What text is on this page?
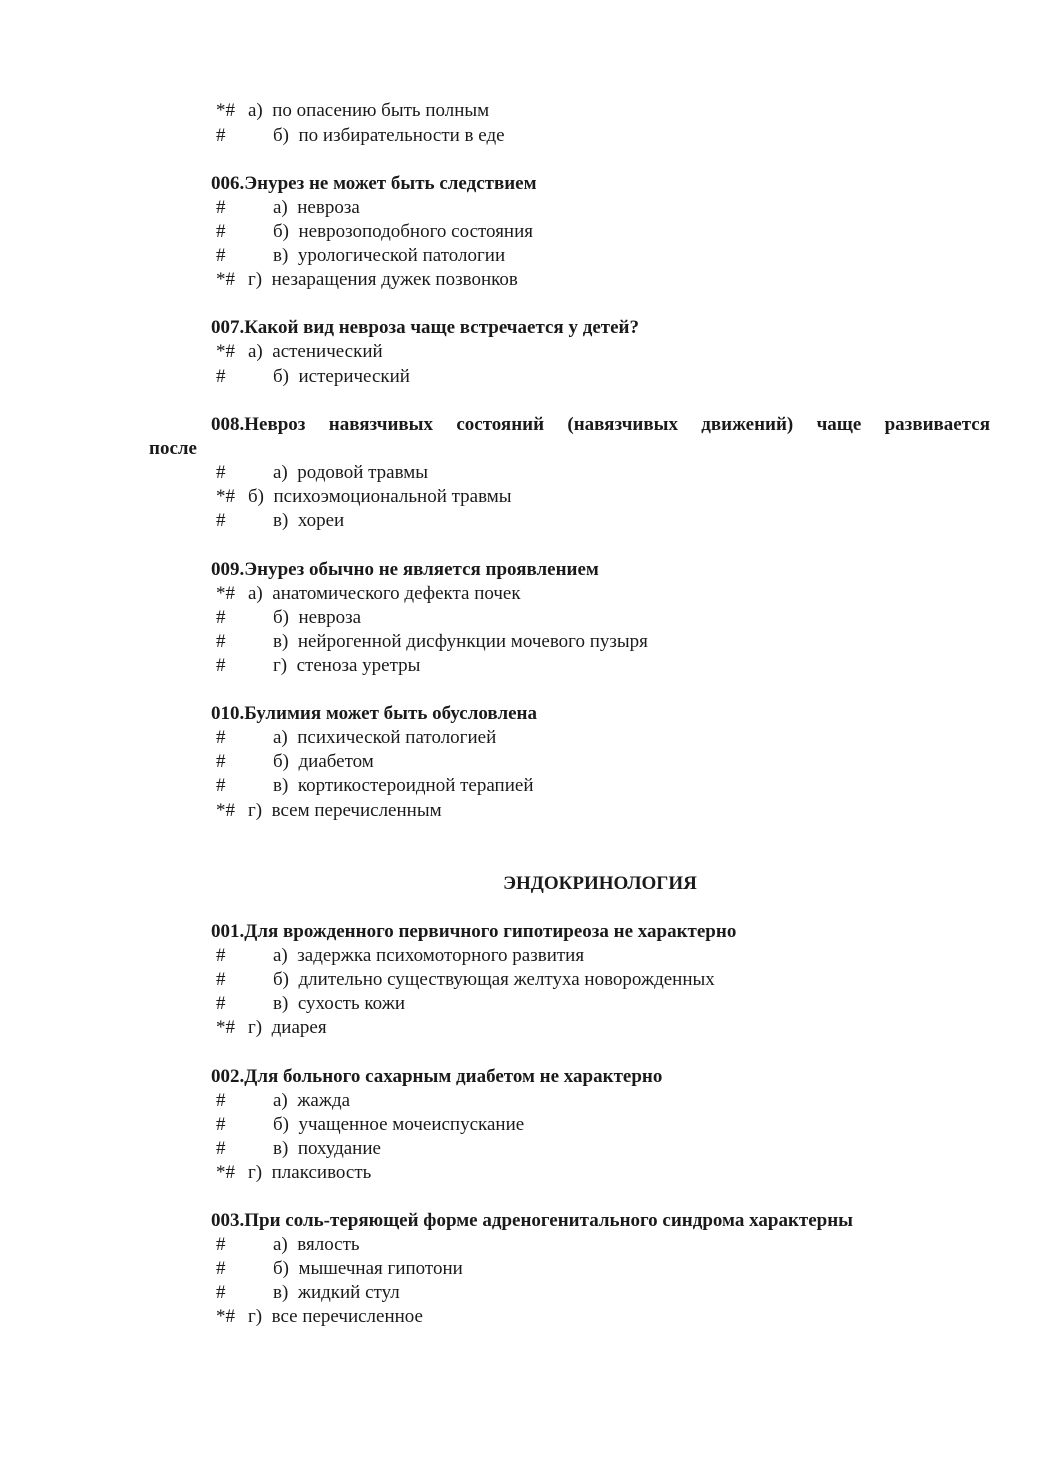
*# а) по опасению быть полным
#	б) по избирательности в еде
006.Энурез не может быть следствием
#	а) невроза
#	б) неврозоподобного состояния
#	в) урологической патологии
*# г) незаращения дужек позвонков
007.Какой вид невроза чаще встречается у детей?
*# а) астенический
#	б) истерический
008.Невроз навязчивых состояний (навязчивых движений) чаще развивается
после
#	а) родовой травмы
*# б) психоэмоциональной травмы
#	в) хореи
009.Энурез обычно не является проявлением
*# а) анатомического дефекта почек
#	б) невроза
#	в) нейрогенной дисфункции мочевого пузыря
#	г) стеноза уретры
010.Булимия может быть обусловлена
#	а) психической патологией
#	б) диабетом
#	в) кортикостероидной терапией
*# г) всем перечисленным
ЭНДОКРИНОЛОГИЯ
001.Для врожденного первичного гипотиреоза не характерно
#	а) задержка психомоторного развития
#	б) длительно существующая желтуха новорожденных
#	в) сухость кожи
*# г) диарея
002.Для больного сахарным диабетом не характерно
#	а) жажда
#	б) учащенное мочеиспускание
#	в) похудание
*# г) плаксивость
003.При соль-теряющей форме адреногенитального синдрома характерны
#	а) вялость
#	б) мышечная гипотони
#	в) жидкий стул
*# г) все перечисленное
